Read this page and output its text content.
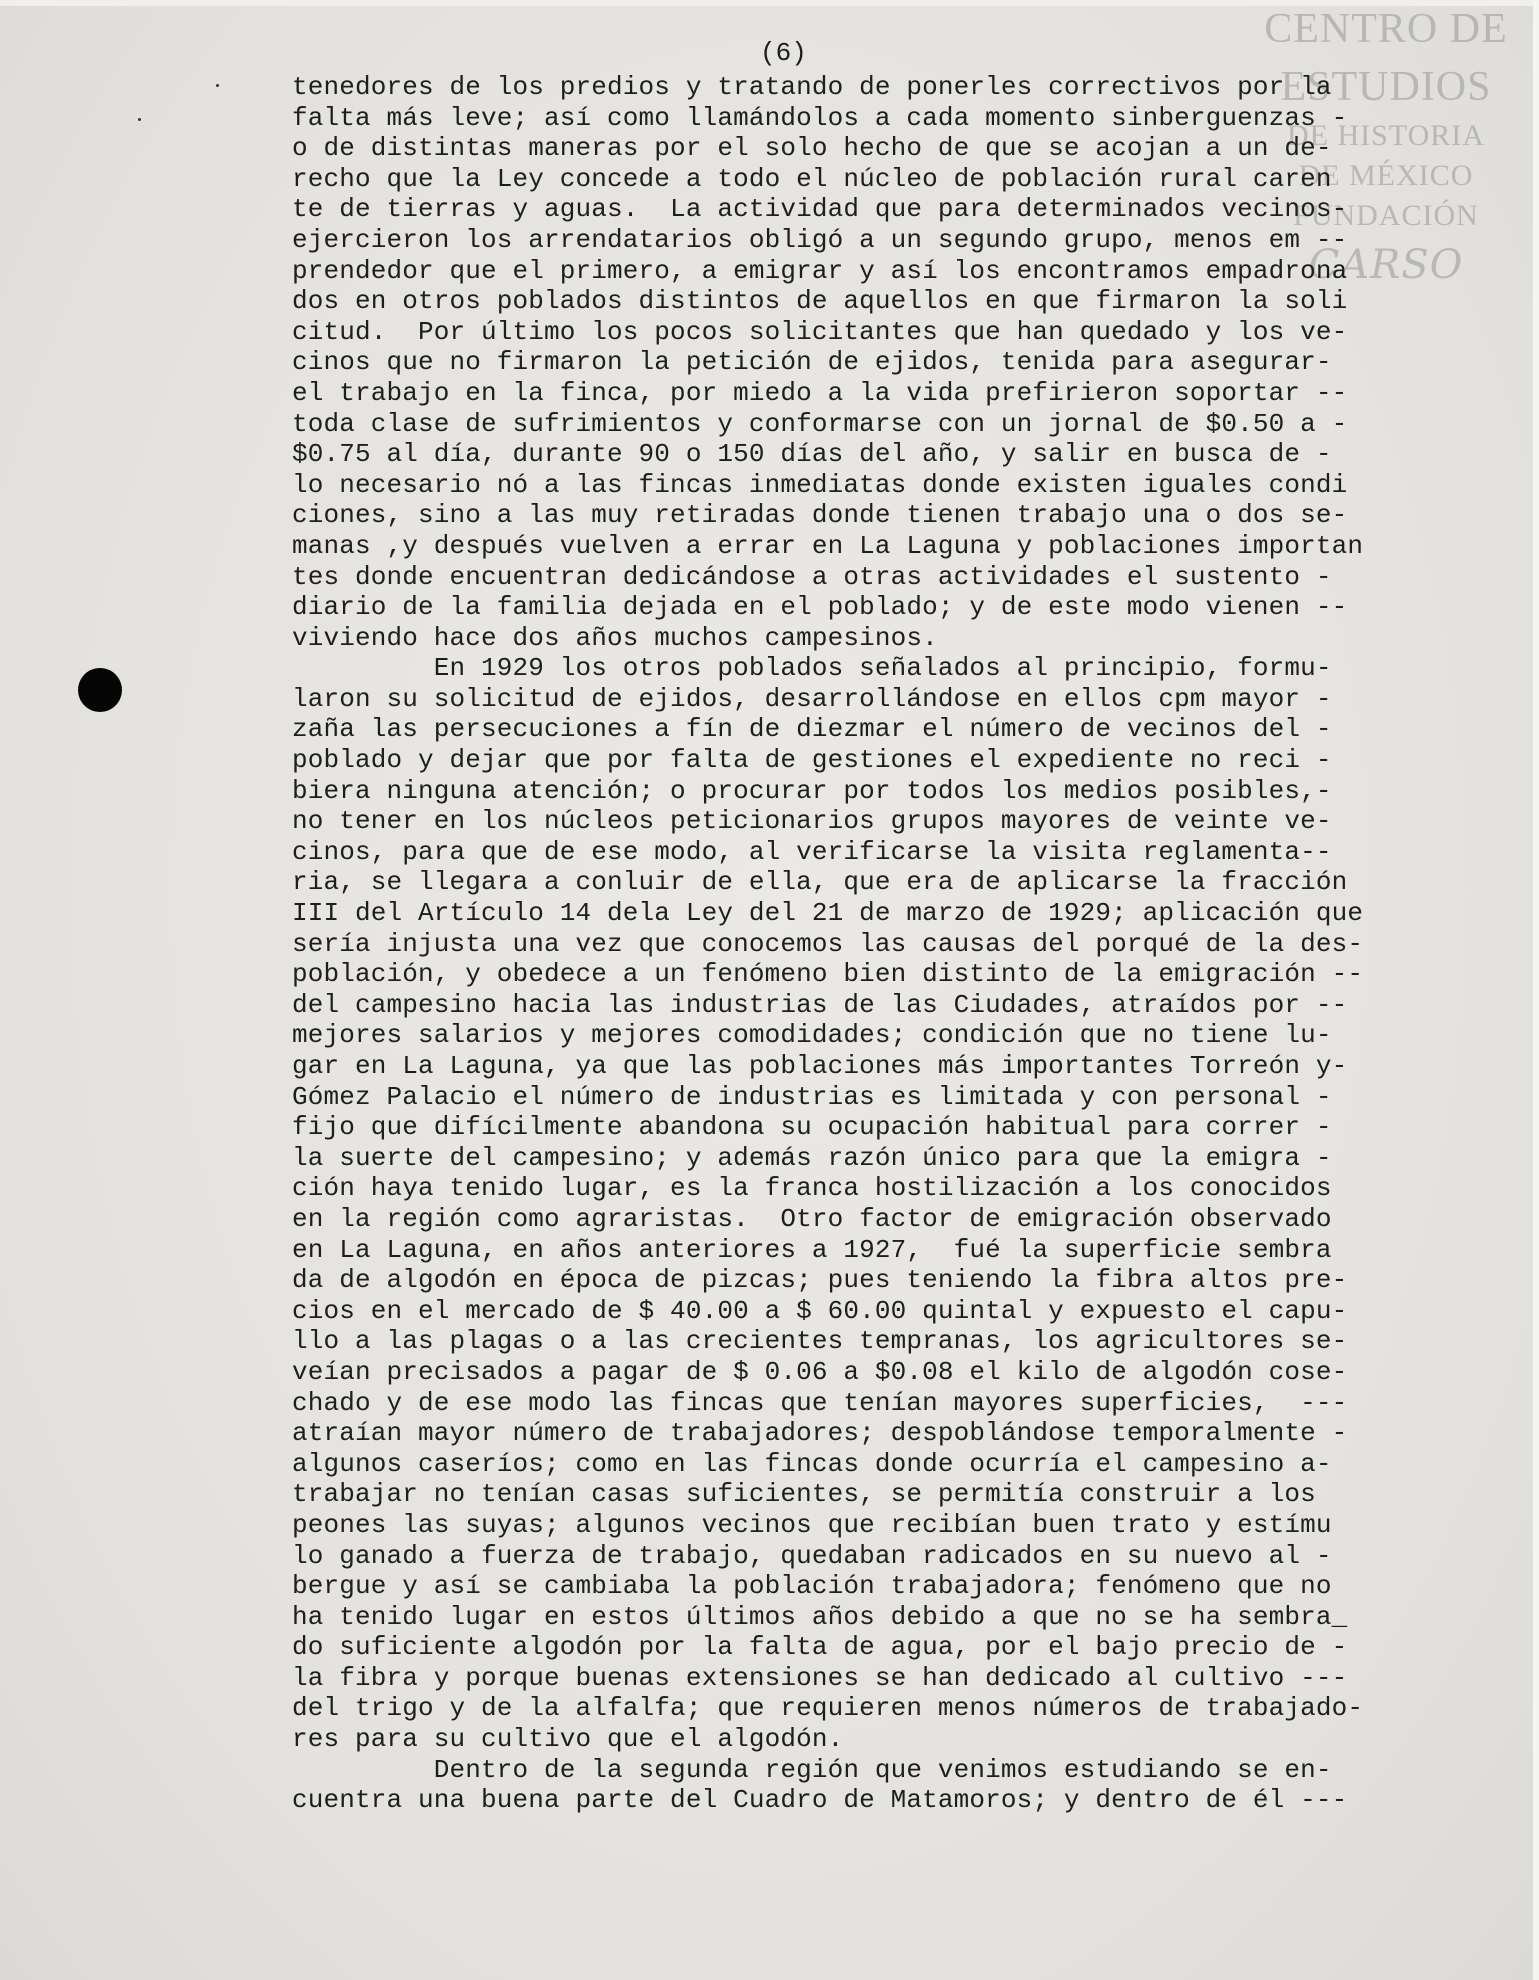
CENTRO DE
ESTUDIOS
DE HISTORIA
DE MÉXICO
FUNDACIÓN
CARSO
(6)
tenedores de los predios y tratando de ponerles correctivos por la
falta más leve; así como llamándolos a cada momento sinberguenzas -
o de distintas maneras por el solo hecho de que se acojan a un de-
recho que la Ley concede a todo el núcleo de población rural caren
te de tierras y aguas.  La actividad que para determinados vecinos-
ejercieron los arrendatarios obligó a un segundo grupo, menos em --
prendedor que el primero, a emigrar y así los encontramos empadrona
dos en otros poblados distintos de aquellos en que firmaron la soli
citud.  Por último los pocos solicitantes que han quedado y los ve-
cinos que no firmaron la petición de ejidos, tenida para asegurar-
el trabajo en la finca, por miedo a la vida prefirieron soportar --
toda clase de sufrimientos y conformarse con un jornal de $0.50 a -
$0.75 al día, durante 90 o 150 días del año, y salir en busca de -
lo necesario nó a las fincas inmediatas donde existen iguales condi
ciones, sino a las muy retiradas donde tienen trabajo una o dos se-
manas ,y después vuelven a errar en La Laguna y poblaciones importan
tes donde encuentran dedicándose a otras actividades el sustento -
diario de la familia dejada en el poblado; y de este modo vienen --
viviendo hace dos años muchos campesinos.
En 1929 los otros poblados señalados al principio, formu-
laron su solicitud de ejidos, desarrollándose en ellos cpm mayor -
zaña las persecuciones a fín de diezmar el número de vecinos del -
poblado y dejar que por falta de gestiones el expediente no reci -
biera ninguna atención; o procurar por todos los medios posibles,-
no tener en los núcleos peticionarios grupos mayores de veinte ve-
cinos, para que de ese modo, al verificarse la visita reglamenta--
ria, se llegara a conluir de ella, que era de aplicarse la fracción
III del Artículo 14 dela Ley del 21 de marzo de 1929; aplicación que
sería injusta una vez que conocemos las causas del porqué de la des-
población, y obedece a un fenómeno bien distinto de la emigración --
del campesino hacia las industrias de las Ciudades, atraídos por --
mejores salarios y mejores comodidades; condición que no tiene lu-
gar en La Laguna, ya que las poblaciones más importantes Torreón y-
Gómez Palacio el número de industrias es limitada y con personal -
fijo que difícilmente abandona su ocupación habitual para correr -
la suerte del campesino; y además razón único para que la emigra -
ción haya tenido lugar, es la franca hostilización a los conocidos
en la región como agraristas.  Otro factor de emigración observado
en La Laguna, en años anteriores a 1927,  fué la superficie sembra
da de algodón en época de pizcas; pues teniendo la fibra altos pre-
cios en el mercado de $ 40.00 a $ 60.00 quintal y expuesto el capu-
llo a las plagas o a las crecientes tempranas, los agricultores se-
veían precisados a pagar de $ 0.06 a $0.08 el kilo de algodón cose-
chado y de ese modo las fincas que tenían mayores superficies,  ---
atraían mayor número de trabajadores; despoblándose temporalmente -
algunos caseríos; como en las fincas donde ocurría el campesino a-
trabajar no tenían casas suficientes, se permitía construir a los
peones las suyas; algunos vecinos que recibían buen trato y estímu
lo ganado a fuerza de trabajo, quedaban radicados en su nuevo al -
bergue y así se cambiaba la población trabajadora; fenómeno que no
ha tenido lugar en estos últimos años debido a que no se ha sembra_
do suficiente algodón por la falta de agua, por el bajo precio de -
la fibra y porque buenas extensiones se han dedicado al cultivo ---
del trigo y de la alfalfa; que requieren menos números de trabajado-
res para su cultivo que el algodón.
Dentro de la segunda región que venimos estudiando se en-
cuentra una buena parte del Cuadro de Matamoros; y dentro de él ---
